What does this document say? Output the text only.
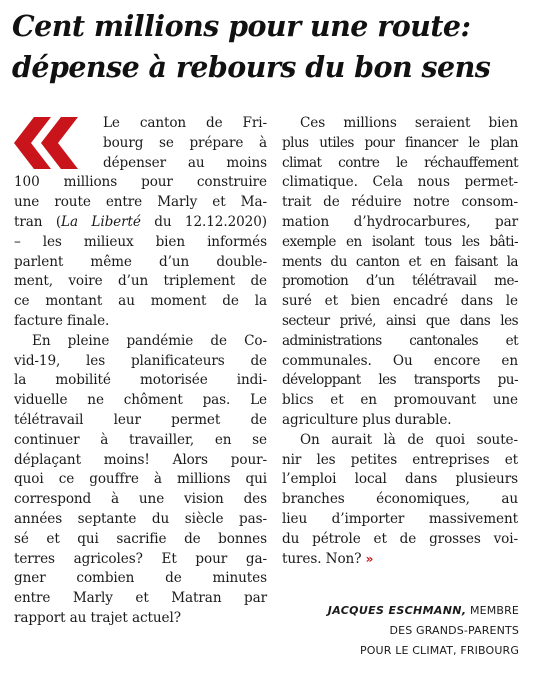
Cent millions pour une route:
dépense à rebours du bon sens
Le canton de Fri-
bourg se prépare à
dépenser au moins
100 millions pour construire
une route entre Marly et Ma-
tran (La Liberté du 12.12.2020)
– les milieux bien informés
parlent même d’un double-
ment, voire d’un triplement de
ce montant au moment de la
facture finale.
En pleine pandémie de Co-
vid-19, les planificateurs de
la mobilité motorisée indi-
viduelle ne chôment pas. Le
télétravail leur permet de
continuer à travailler, en se
déplaçant moins! Alors pour-
quoi ce gouffre à millions qui
correspond à une vision des
années septante du siècle pas-
sé et qui sacrifie de bonnes
terres agricoles? Et pour ga-
gner combien de minutes
entre Marly et Matran par
rapport au trajet actuel?
Ces millions seraient bien
plus utiles pour financer le plan
climat contre le réchauffement
climatique. Cela nous permet-
trait de réduire notre consom-
mation d’hydrocarbures, par
exemple en isolant tous les bâti-
ments du canton et en faisant la
promotion d’un télétravail me-
suré et bien encadré dans le
secteur privé, ainsi que dans les
administrations cantonales et
communales. Ou encore en
développant les transports pu-
blics et en promouvant une
agriculture plus durable.
On aurait là de quoi soute-
nir les petites entreprises et
l’emploi local dans plusieurs
branches économiques, au
lieu d’importer massivement
du pétrole et de grosses voi-
tures. Non? »
JACQUES ESCHMANN, MEMBRE
DES GRANDS-PARENTS
POUR LE CLIMAT, FRIBOURG
